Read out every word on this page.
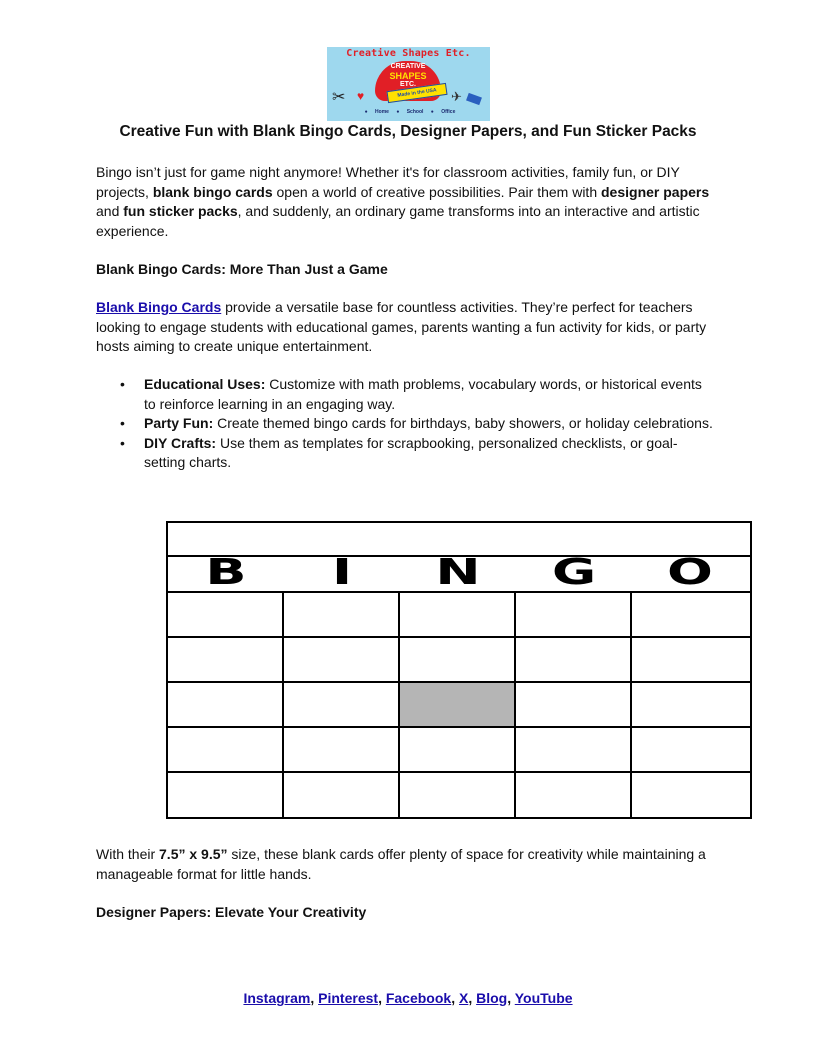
Creative Shapes Etc.
CREATIVE
SHAPES
ETC.
Made in the USA
✂ ♥	✈
● Home ● School ● Office
Creative Fun with Blank Bingo Cards, Designer Papers, and Fun Sticker Packs

Bingo isn’t just for game night anymore! Whether it's for classroom activities, family fun, or DIY projects, blank bingo cards open a world of creative possibilities. Pair them with designer papers and fun sticker packs, and suddenly, an ordinary game transforms into an interactive and artistic experience.

Blank Bingo Cards: More Than Just a Game

Blank Bingo Cards provide a versatile base for countless activities. They’re perfect for teachers looking to engage students with educational games, parents wanting a fun activity for kids, or party hosts aiming to create unique entertainment.

• Educational Uses: Customize with math problems, vocabulary words, or historical events to reinforce learning in an engaging way.
• Party Fun: Create themed bingo cards for birthdays, baby showers, or holiday celebrations.
• DIY Crafts: Use them as templates for scrapbooking, personalized checklists, or goal-setting charts.
B	I	N	G	O

With their 7.5” x 9.5” size, these blank cards offer plenty of space for creativity while maintaining a manageable format for little hands.

Designer Papers: Elevate Your Creativity
Instagram, Pinterest, Facebook, X, Blog, YouTube
